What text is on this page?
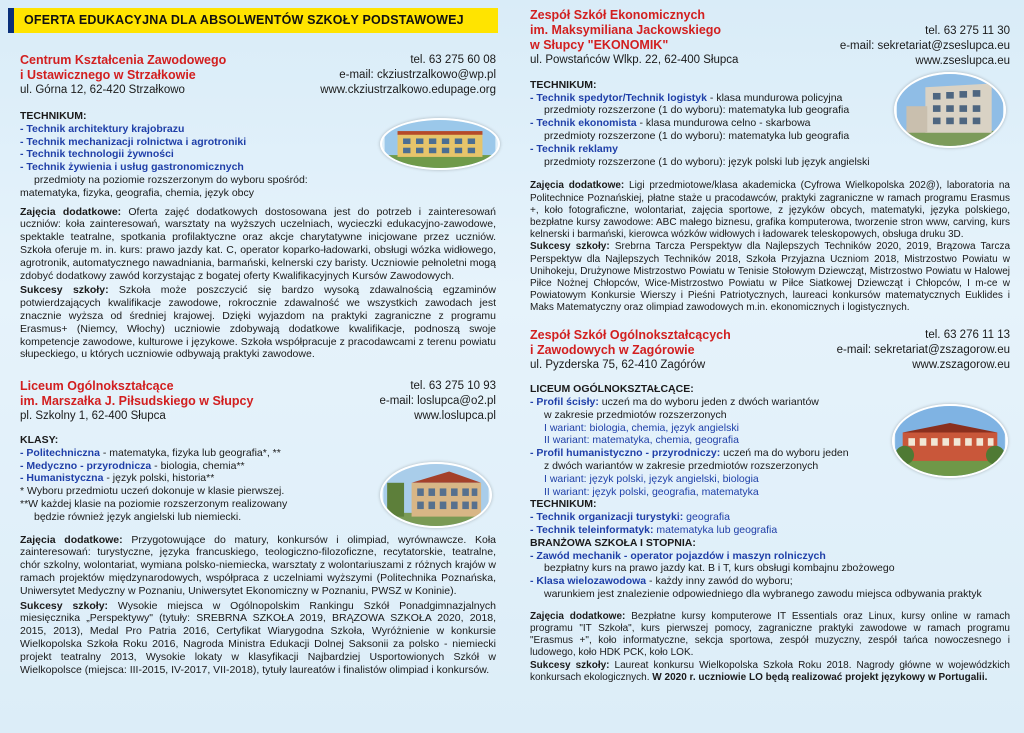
OFERTA EDUKACYJNA DLA ABSOLWENTÓW SZKOŁY PODSTAWOWEJ
Centrum Kształcenia Zawodowego
i Ustawicznego w Strzałkowie
ul. Górna 12, 62-420 Strzałkowo
tel. 63 275 60 08
e-mail: ckziustrzalkowo@wp.pl
www.ckziustrzalkowo.edupage.org
TECHNIKUM:
- Technik architektury krajobrazu
- Technik mechanizacji rolnictwa i agrotroniki
- Technik technologii żywności
- Technik żywienia i usług gastronomicznych
przedmioty na poziomie rozszerzonym do wyboru spośród:
matematyka, fizyka, geografia, chemia, język obcy
Zajęcia dodatkowe: Oferta zajęć dodatkowych dostosowana jest do potrzeb i zainteresowań uczniów: koła zainteresowań, warsztaty na wyższych uczelniach, wycieczki edukacyjno-zawodowe, spektakle teatralne, spotkania profilaktyczne oraz akcje charytatywne inicjowane przez uczniów. Szkoła oferuje m. in. kurs: prawo jazdy kat. C, operator koparko-ładowarki, obsługi wózka widłowego, agrotronik, automatycznego nawadniania, barmański, kelnerski czy baristy. Uczniowie pełnoletni mogą zdobyć dodatkowy zawód korzystając z bogatej oferty Kwalifikacyjnych Kursów Zawodowych.
Sukcesy szkoły: Szkoła może poszczycić się bardzo wysoką zdawalnością egzaminów potwierdzających kwalifikacje zawodowe, rokrocznie zdawalność we wszystkich zawodach jest znacznie wyższa od średniej krajowej. Dzięki wyjazdom na praktyki zagraniczne z programu Erasmus+ (Niemcy, Włochy) uczniowie zdobywają dodatkowe kwalifikacje, podnoszą swoje kompetencje zawodowe, kulturowe i językowe. Szkoła współpracuje z pracodawcami z terenu powiatu słupeckiego, u których uczniowie odbywają praktyki zawodowe.
Liceum Ogólnokształcące
im. Marszałka J. Piłsudskiego w Słupcy
pl. Szkolny 1, 62-400 Słupca
tel. 63 275 10 93
e-mail: loslupca@o2.pl
www.loslupca.pl
KLASY:
- Politechniczna - matematyka, fizyka lub geografia*, **
- Medyczno - przyrodnicza - biologia, chemia**
- Humanistyczna - język polski, historia**
* Wyboru przedmiotu uczeń dokonuje w klasie pierwszej.
**W każdej klasie na poziomie rozszerzonym realizowany
będzie również język angielski lub niemiecki.
Zajęcia dodatkowe: Przygotowujące do matury, konkursów i olimpiad, wyrównawcze. Koła zainteresowań: turystyczne, języka francuskiego, teologiczno-filozoficzne, recytatorskie, teatralne, chór szkolny, wolontariat, wymiana polsko-niemiecka, warsztaty z wolontariuszami z różnych krajów w ramach projektów międzynarodowych, współpraca z uczelniami wyższymi (Politechnika Poznańska, Uniwersytet Medyczny w Poznaniu, Uniwersytet Ekonomiczny w Poznaniu, PWSZ w Koninie).
Sukcesy szkoły: Wysokie miejsca w Ogólnopolskim Rankingu Szkół Ponadgimnazjalnych miesięcznika „Perspektywy" (tytuły: SREBRNA SZKOŁA 2019, BRĄZOWA SZKOŁA 2020, 2018, 2015, 2013), Medal Pro Patria 2016, Certyfikat Wiarygodna Szkoła, Wyróżnienie w konkursie Wielkopolska Szkoła Roku 2016, Nagroda Ministra Edukacji Dolnej Saksonii za polsko - niemiecki projekt teatralny 2013, Wysokie lokaty w klasyfikacji Najbardziej Usportowionych Szkół w Wielkopolsce (miejsca: III-2015, IV-2017, VII-2018), tytuły laureatów i finalistów olimpiad i konkursów.
Zespół Szkół Ekonomicznych
im. Maksymiliana Jackowskiego
w Słupcy "EKONOMIK"
ul. Powstańców Wlkp. 22, 62-400 Słupca
tel. 63 275 11 30
e-mail: sekretariat@zseslupca.eu
www.zseslupca.eu
TECHNIKUM:
- Technik spedytor/Technik logistyk - klasa mundurowa policyjna
przedmioty rozszerzone (1 do wyboru): matematyka lub geografia
- Technik ekonomista - klasa mundurowa celno - skarbowa
przedmioty rozszerzone (1 do wyboru): matematyka lub geografia
- Technik reklamy
przedmioty rozszerzone (1 do wyboru): język polski lub język angielski
Zajęcia dodatkowe: Ligi przedmiotowe/klasa akademicka (Cyfrowa Wielkopolska 202@), laboratoria na Politechnice Poznańskiej, płatne staże u pracodawców, praktyki zagraniczne w ramach programu Erasmus +, koło fotograficzne, wolontariat, zajęcia sportowe, z języków obcych, matematyki, języka polskiego, bezpłatne kursy zawodowe: ABC małego biznesu, grafika komputerowa, tworzenie stron www, carving, kurs kelnerski i barmański, kierowca wózków widłowych i ładowarek teleskopowych, obsługa druku 3D.
Sukcesy szkoły: Srebrna Tarcza Perspektyw dla Najlepszych Techników 2020, 2019, Brązowa Tarcza Perspektyw dla Najlepszych Techników 2018, Szkoła Przyjazna Uczniom 2018, Mistrzostwo Powiatu w Unihokeju, Drużynowe Mistrzostwo Powiatu w Tenisie Stołowym Dziewcząt, Mistrzostwo Powiatu w Halowej Piłce Nożnej Chłopców, Wice-Mistrzostwo Powiatu w Piłce Siatkowej Dziewcząt i Chłopców, I m-ce w Powiatowym Konkursie Wierszy i Pieśni Patriotycznych, laureaci konkursów matematycznych Euklides i Maks Matematyczny oraz olimpiad zawodowych m.in. ekonomicznych i logistycznych.
Zespół Szkół Ogólnokształcących
i Zawodowych w Zagórowie
ul. Pyzderska 75, 62-410 Zagórów
tel. 63 276 11 13
e-mail: sekretariat@zszagorow.eu
www.zszagorow.eu
LICEUM OGÓLNOKSZTAŁCĄCE:
- Profil ścisły: uczeń ma do wyboru jeden z dwóch wariantów
w zakresie przedmiotów rozszerzonych
I wariant: biologia, chemia, język angielski
II wariant: matematyka, chemia, geografia
- Profil humanistyczno - przyrodniczy: uczeń ma do wyboru jeden
z dwóch wariantów w zakresie przedmiotów rozszerzonych
I wariant: język polski, język angielski, biologia
II wariant: język polski, geografia, matematyka
TECHNIKUM:
- Technik organizacji turystyki: geografia
- Technik teleinformatyk: matematyka lub geografia
BRANŻOWA SZKOŁA I STOPNIA:
- Zawód mechanik - operator pojazdów i maszyn rolniczych
bezpłatny kurs na prawo jazdy kat. B i T, kurs obsługi kombajnu zbożowego
- Klasa wielozawodowa - każdy inny zawód do wyboru;
warunkiem jest znalezienie odpowiedniego dla wybranego zawodu miejsca odbywania praktyk
Zajęcia dodatkowe: Bezpłatne kursy komputerowe IT Essentials oraz Linux, kursy online w ramach programu "IT Szkoła", kurs pierwszej pomocy, zagraniczne praktyki zawodowe w ramach programu "Erasmus +", koło informatyczne, sekcja sportowa, zespół muzyczny, zespół tańca nowoczesnego i ludowego, koło HDK PCK, koło LOK.
Sukcesy szkoły: Laureat konkursu Wielkopolska Szkoła Roku 2018. Nagrody główne w wojewódzkich konkursach ekologicznych. W 2020 r. uczniowie LO będą realizować projekt językowy w Portugalii.
